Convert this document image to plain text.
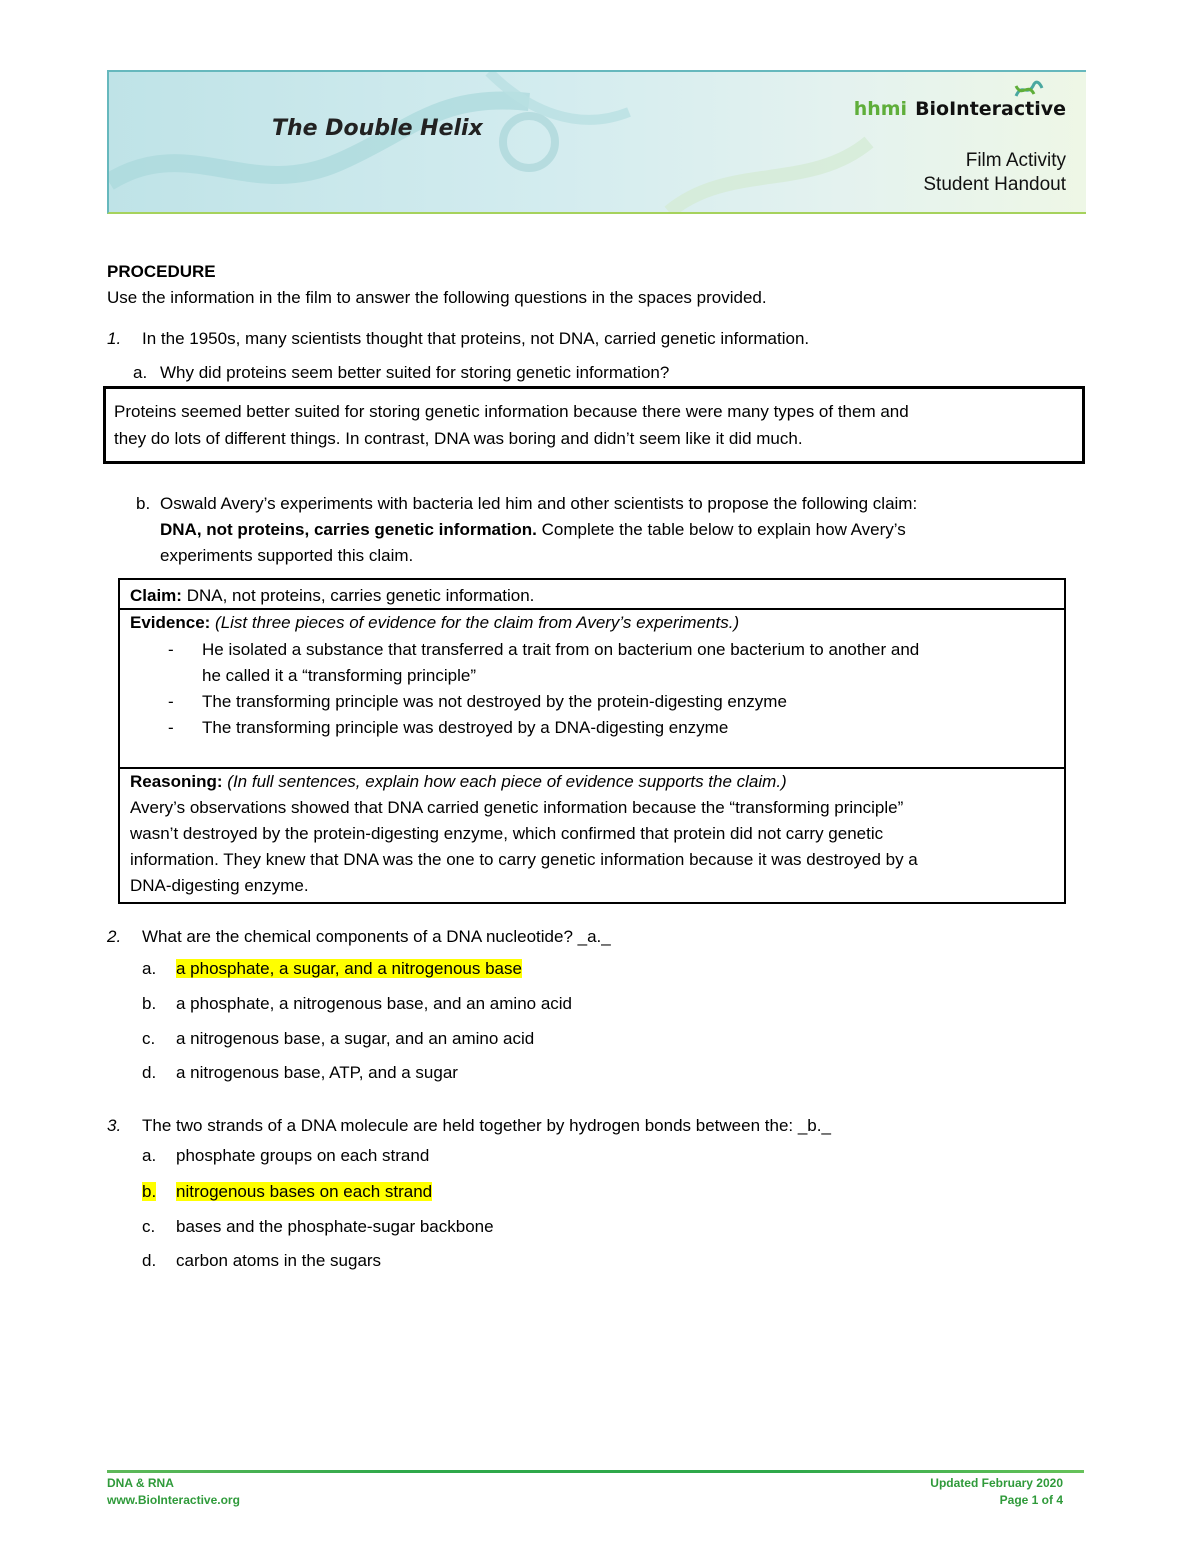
The Double Helix
hhmi BioInteractive
Film Activity
Student Handout
PROCEDURE
Use the information in the film to answer the following questions in the spaces provided.
1. In the 1950s, many scientists thought that proteins, not DNA, carried genetic information.
a. Why did proteins seem better suited for storing genetic information?
Proteins seemed better suited for storing genetic information because there were many types of them and
they do lots of different things. In contrast, DNA was boring and didn’t seem like it did much.
b. Oswald Avery’s experiments with bacteria led him and other scientists to propose the following claim:
DNA, not proteins, carries genetic information. Complete the table below to explain how Avery’s
experiments supported this claim.
Claim: DNA, not proteins, carries genetic information.
Evidence: (List three pieces of evidence for the claim from Avery’s experiments.)
- He isolated a substance that transferred a trait from on bacterium one bacterium to another and
he called it a “transforming principle”
- The transforming principle was not destroyed by the protein-digesting enzyme
- The transforming principle was destroyed by a DNA-digesting enzyme
Reasoning: (In full sentences, explain how each piece of evidence supports the claim.)
Avery’s observations showed that DNA carried genetic information because the “transforming principle”
wasn’t destroyed by the protein-digesting enzyme, which confirmed that protein did not carry genetic
information. They knew that DNA was the one to carry genetic information because it was destroyed by a
DNA-digesting enzyme.
2. What are the chemical components of a DNA nucleotide? _a._
a. a phosphate, a sugar, and a nitrogenous base
b. a phosphate, a nitrogenous base, and an amino acid
c. a nitrogenous base, a sugar, and an amino acid
d. a nitrogenous base, ATP, and a sugar
3. The two strands of a DNA molecule are held together by hydrogen bonds between the: _b._
a. phosphate groups on each strand
b. nitrogenous bases on each strand
c. bases and the phosphate-sugar backbone
d. carbon atoms in the sugars
DNA & RNA
www.BioInteractive.org
Updated February 2020
Page 1 of 4
